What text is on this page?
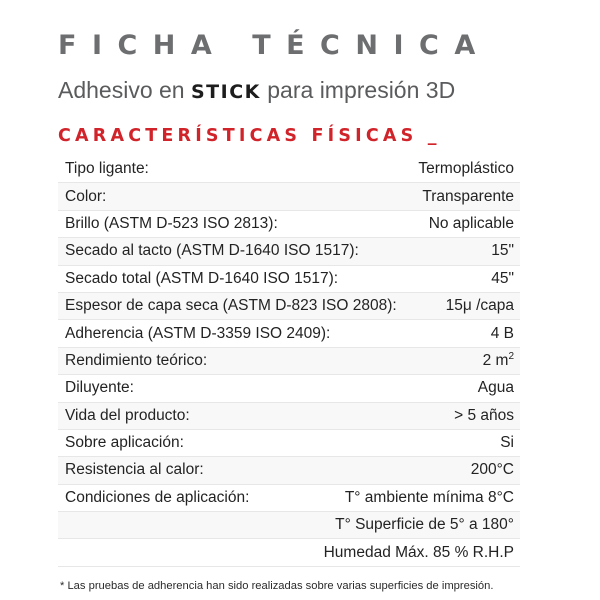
FICHA TÉCNICA
Adhesivo en STICK para impresión 3D
CARACTERÍSTICAS FÍSICAS _
Tipo ligante:	Termoplástico
Color:	Transparente
Brillo (ASTM D-523 ISO 2813):	No aplicable
Secado al tacto (ASTM D-1640 ISO 1517):	15"
Secado total (ASTM D-1640 ISO 1517):	45"
Espesor de capa seca (ASTM D-823 ISO 2808):	15μ /capa
Adherencia (ASTM D-3359 ISO 2409):	4 B
Rendimiento teórico:	2 $m^2$
Diluyente:	Agua
Vida del producto:	> 5 años
Sobre aplicación:	Si
Resistencia al calor:	200°C
Condiciones de aplicación:	T° ambiente mínima 8°C
T° Superficie de 5° a 180°
Humedad Máx. 85 % R.H.P
* Las pruebas de adherencia han sido realizadas sobre varias superficies de impresión.
